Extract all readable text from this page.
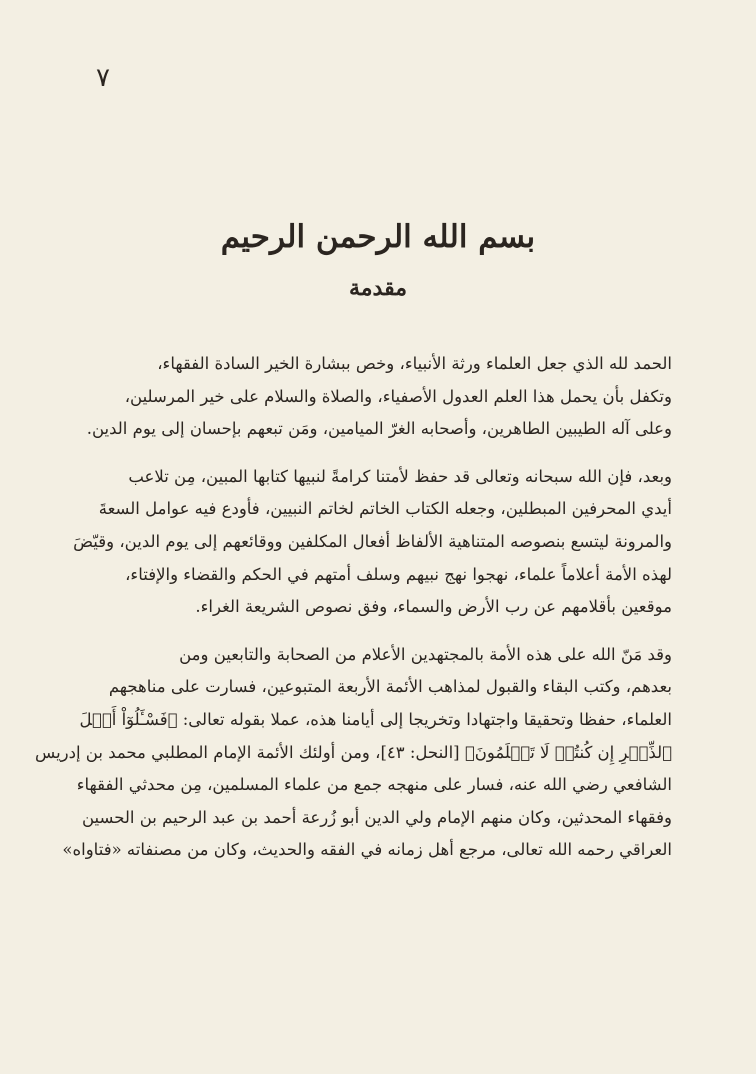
٧
بسم الله الرحمن الرحيم
مقدمة

الحمد لله الذي جعل العلماء ورثة الأنبياء، وخص ببشارة الخير السادة الفقهاء،
وتكفل بأن يحمل هذا العلم العدول الأصفياء، والصلاة والسلام على خير المرسلين،
وعلى آله الطيبين الطاهرين، وأصحابه الغرّ الميامين، ومَن تبعهم بإحسان إلى يوم الدين.

وبعد، فإن الله سبحانه وتعالى قد حفظ لأمتنا كرامةً لنبيها كتابها المبين، مِن تلاعب
أيدي المحرفين المبطلين، وجعله الكتاب الخاتم لخاتم النبيين، فأودع فيه عوامل السعةَ
والمرونة ليتسع بنصوصه المتناهية الألفاظ أفعال المكلفين ووقائعهم إلى يوم الدين، وقيّضَ
لهذه الأمة أعلاماً علماء، نهجوا نهج نبيهم وسلف أمتهم في الحكم والقضاء والإفتاء،
موقعين بأقلامهم عن رب الأرض والسماء، وفق نصوص الشريعة الغراء.

وقد مَنّ الله على هذه الأمة بالمجتهدين الأعلام من الصحابة والتابعين ومن
بعدهم، وكتب البقاء والقبول لمذاهب الأئمة الأربعة المتبوعين، فسارت على مناهجهم
العلماء، حفظا وتحقيقا واجتهادا وتخريجا إلى أيامنا هذه، عملا بقوله تعالى: ﴿فَسْـَٔلُوٓاْ أَهۡلَ
ٱلذِّكۡرِ إِن كُنتُمۡ لَا تَعۡلَمُونَ﴾ [النحل: ٤٣]، ومن أولئك الأئمة الإمام المطلبي محمد بن إدريس
الشافعي رضي الله عنه، فسار على منهجه جمع من علماء المسلمين، مِن محدثي الفقهاء
وفقهاء المحدثين، وكان منهم الإمام ولي الدين أبو زُرعة أحمد بن عبد الرحيم بن الحسين
العراقي رحمه الله تعالى، مرجع أهل زمانه في الفقه والحديث، وكان من مصنفاته «فتاواه»
